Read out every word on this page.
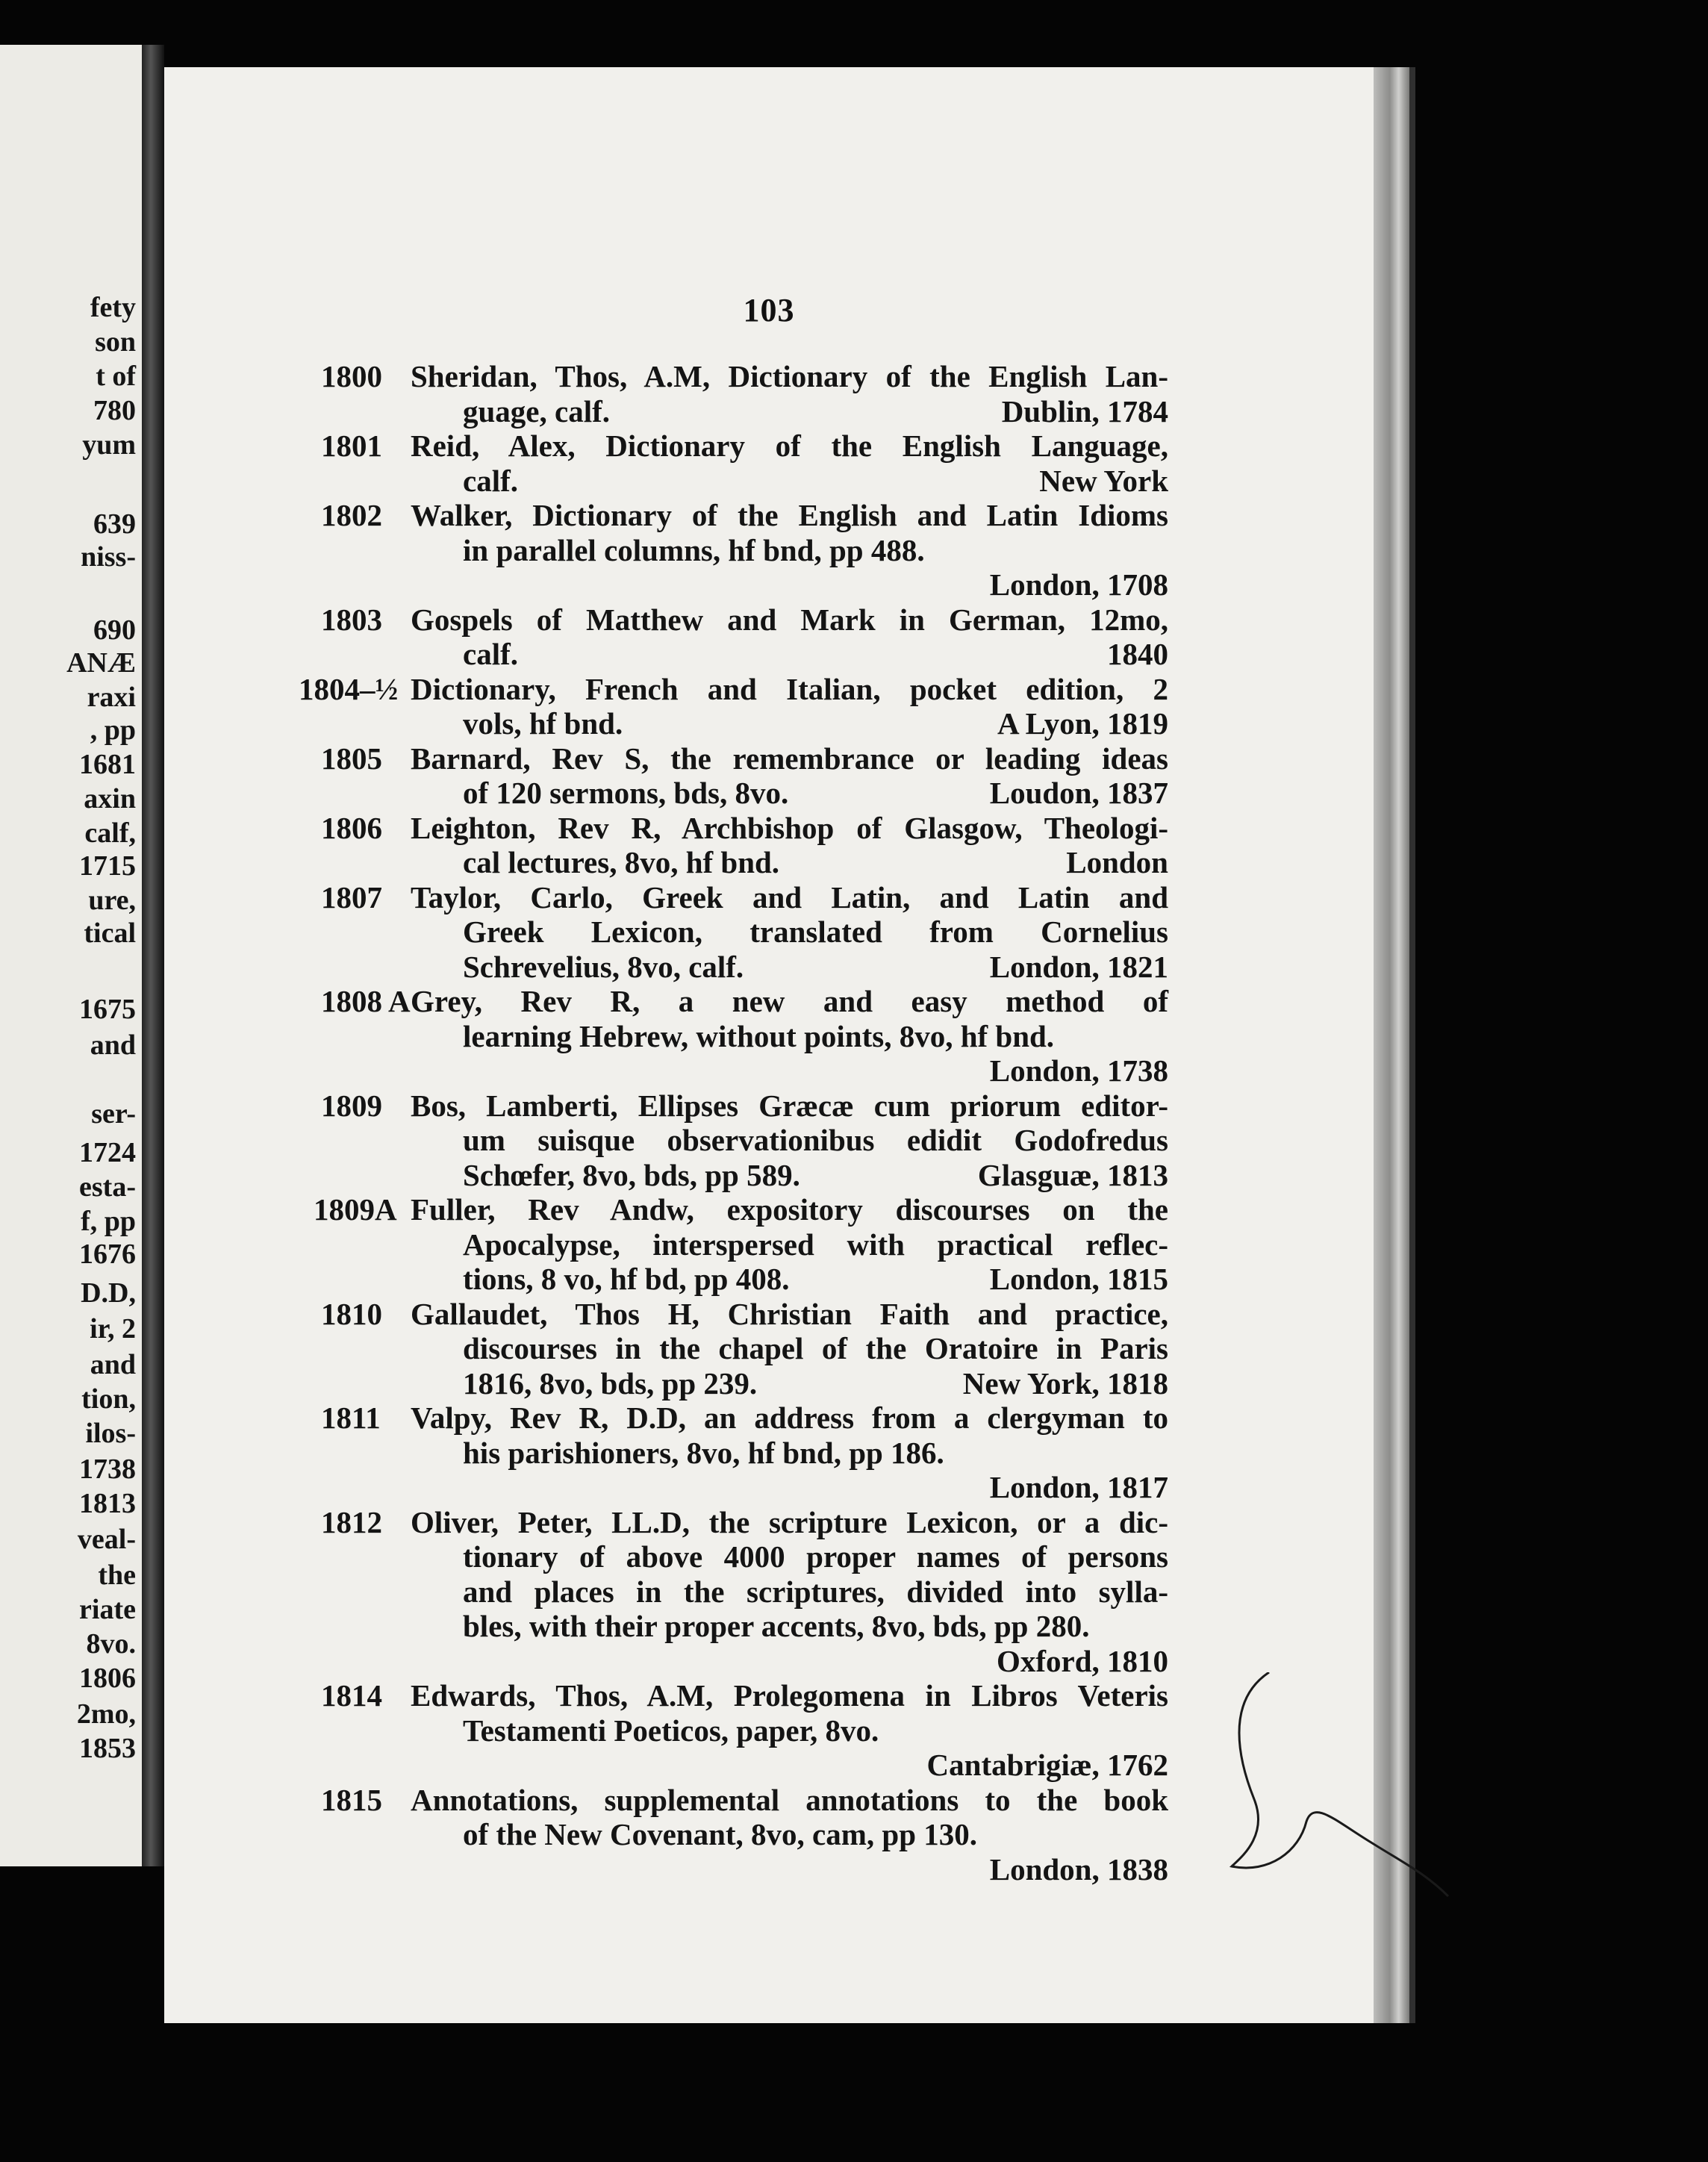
fety
son
t of
780
yum
639
niss-
690
ANÆ
raxi
, pp
1681
axin
calf,
1715
ure,
tical
1675
and
ser-
1724
esta-
f, pp
1676
D.D,
ir, 2
and
tion,
ilos-
1738
1813
veal-
the
riate
8vo.
1806
2mo,
1853
103
1800 Sheridan, Thos, A.M, Dictionary of the English Lan-
guage, calf.	Dublin, 1784
1801 Reid, Alex, Dictionary of the English Language,
calf.	New York
1802 Walker, Dictionary of the English and Latin Idioms
in parallel columns, hf bnd, pp 488.
London, 1708
1803 Gospels of Matthew and Mark in German, 12mo,
calf.	1840
1804–½ Dictionary, French and Italian, pocket edition, 2
vols, hf bnd.	A Lyon, 1819
1805 Barnard, Rev S, the remembrance or leading ideas
of 120 sermons, bds, 8vo.	Loudon, 1837
1806 Leighton, Rev R, Archbishop of Glasgow, Theologi-
cal lectures, 8vo, hf bnd.	London
1807 Taylor, Carlo, Greek and Latin, and Latin and
Greek Lexicon, translated from Cornelius
Schrevelius, 8vo, calf.	London, 1821
1808 A Grey, Rev R, a new and easy method of
learning Hebrew, without points, 8vo, hf bnd.
London, 1738
1809 Bos, Lamberti, Ellipses Græcæ cum priorum editor-
um suisque observationibus edidit Godofredus
Schœfer, 8vo, bds, pp 589.	Glasguæ, 1813
1809A Fuller, Rev Andw, expository discourses on the
Apocalypse, interspersed with practical reflec-
tions, 8 vo, hf bd, pp 408.	London, 1815
1810 Gallaudet, Thos H, Christian Faith and practice,
discourses in the chapel of the Oratoire in Paris
1816, 8vo, bds, pp 239.	New York, 1818
1811 Valpy, Rev R, D.D, an address from a clergyman to
his parishioners, 8vo, hf bnd, pp 186.
London, 1817
1812 Oliver, Peter, LL.D, the scripture Lexicon, or a dic-
tionary of above 4000 proper names of persons
and places in the scriptures, divided into sylla-
bles, with their proper accents, 8vo, bds, pp 280.
Oxford, 1810
1814 Edwards, Thos, A.M, Prolegomena in Libros Veteris
Testamenti Poeticos, paper, 8vo.
Cantabrigiæ, 1762
1815 Annotations, supplemental annotations to the book
of the New Covenant, 8vo, cam, pp 130.
London, 1838
